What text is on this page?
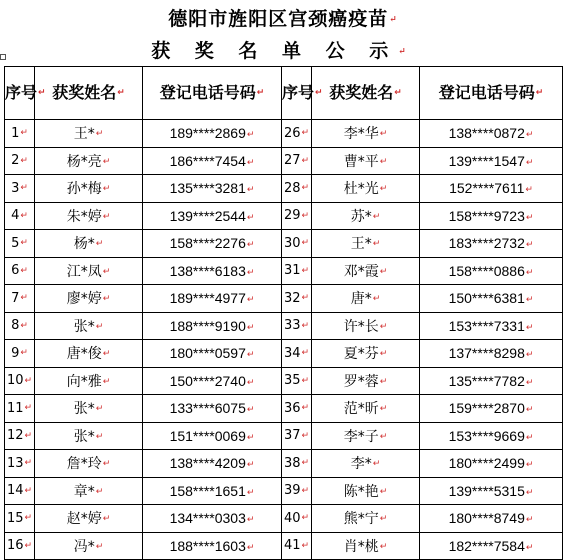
德阳市旌阳区宫颈癌疫苗↵
获 奖 名 单 公 示↵
序号↵	获奖姓名↵	登记电话号码↵	序号↵	获奖姓名↵	登记电话号码↵
1↵	王*↵	189****2869↵	26↵	李*华↵	138****0872↵
2↵	杨*亮↵	186****7454↵	27↵	曹*平↵	139****1547↵
3↵	孙*梅↵	135****3281↵	28↵	杜*光↵	152****7611↵
4↵	朱*婷↵	139****2544↵	29↵	苏*↵	158****9723↵
5↵	杨*↵	158****2276↵	30↵	王*↵	183****2732↵
6↵	江*凤↵	138****6183↵	31↵	邓*霞↵	158****0886↵
7↵	廖*婷↵	189****4977↵	32↵	唐*↵	150****6381↵
8↵	张*↵	188****9190↵	33↵	许*长↵	153****7331↵
9↵	唐*俊↵	180****0597↵	34↵	夏*芬↵	137****8298↵
10↵	向*雅↵	150****2740↵	35↵	罗*蓉↵	135****7782↵
11↵	张*↵	133****6075↵	36↵	范*昕↵	159****2870↵
12↵	张*↵	151****0069↵	37↵	李*子↵	153****9669↵
13↵	詹*玲↵	138****4209↵	38↵	李*↵	180****2499↵
14↵	章*↵	158****1651↵	39↵	陈*艳↵	139****5315↵
15↵	赵*婷↵	134****0303↵	40↵	熊*宁↵	180****8749↵
16↵	冯*↵	188****1603↵	41↵	肖*桃↵	182****7584↵
